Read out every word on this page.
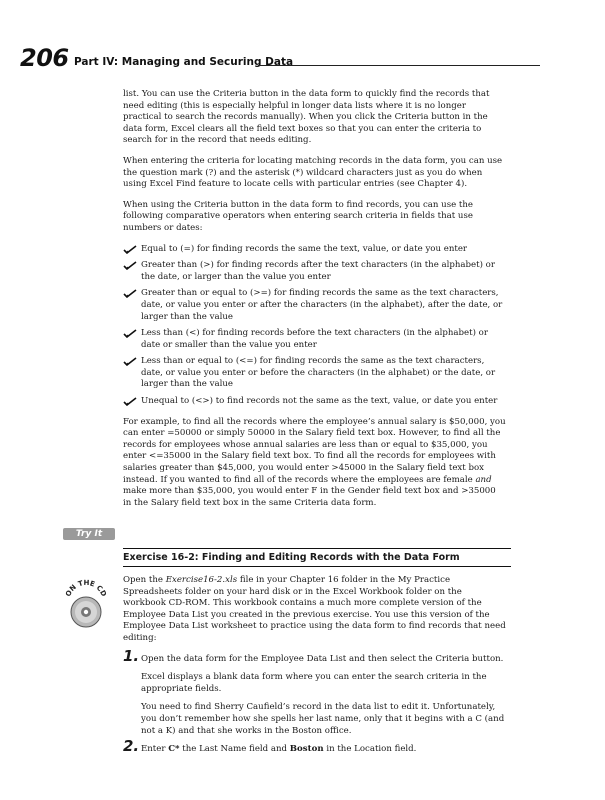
206 Part IV: Managing and Securing Data

list. You can use the Criteria button in the data form to quickly find the records that need editing (this is especially helpful in longer data lists where it is no longer practical to search the records manually). When you click the Criteria button in the data form, Excel clears all the field text boxes so that you can enter the criteria to search for in the record that needs editing.

When entering the criteria for locating matching records in the data form, you can use the question mark (?) and the asterisk (*) wildcard characters just as you do when using Excel Find feature to locate cells with particular entries (see Chapter 4).

When using the Criteria button in the data form to find records, you can use the following comparative operators when entering search criteria in fields that use numbers or dates:

Equal to (=) for finding records the same the text, value, or date you enter
Greater than (>) for finding records after the text characters (in the alphabet) or the date, or larger than the value you enter
Greater than or equal to (>=) for finding records the same as the text characters, date, or value you enter or after the characters (in the alphabet), after the date, or larger than the value
Less than (<) for finding records before the text characters (in the alphabet) or date or smaller than the value you enter
Less than or equal to (<=) for finding records the same as the text characters, date, or value you enter or before the characters (in the alphabet) or the date, or larger than the value
Unequal to (<>) to find records not the same as the text, value, or date you enter

For example, to find all the records where the employee’s annual salary is $50,000, you can enter =50000 or simply 50000 in the Salary field text box. However, to find all the records for employees whose annual salaries are less than or equal to $35,000, you enter <=35000 in the Salary field text box. To find all the records for employees with salaries greater than $45,000, you would enter >45000 in the Salary field text box instead. If you wanted to find all of the records where the employees are female and make more than $35,000, you would enter F in the Gender field text box and >35000 in the Salary field text box in the same Criteria data form.

Try It
ON THE CD
Exercise 16-2: Finding and Editing Records with the Data Form

Open the Exercise16-2.xls file in your Chapter 16 folder in the My Practice Spreadsheets folder on your hard disk or in the Excel Workbook folder on the workbook CD-ROM. This workbook contains a much more complete version of the Employee Data List you created in the previous exercise. You use this version of the Employee Data List worksheet to practice using the data form to find records that need editing:

1. Open the data form for the Employee Data List and then select the Criteria button.
Excel displays a blank data form where you can enter the search criteria in the appropriate fields.
You need to find Sherry Caufield’s record in the data list to edit it. Unfortunately, you don’t remember how she spells her last name, only that it begins with a C (and not a K) and that she works in the Boston office.
2. Enter C* the Last Name field and Boston in the Location field.
